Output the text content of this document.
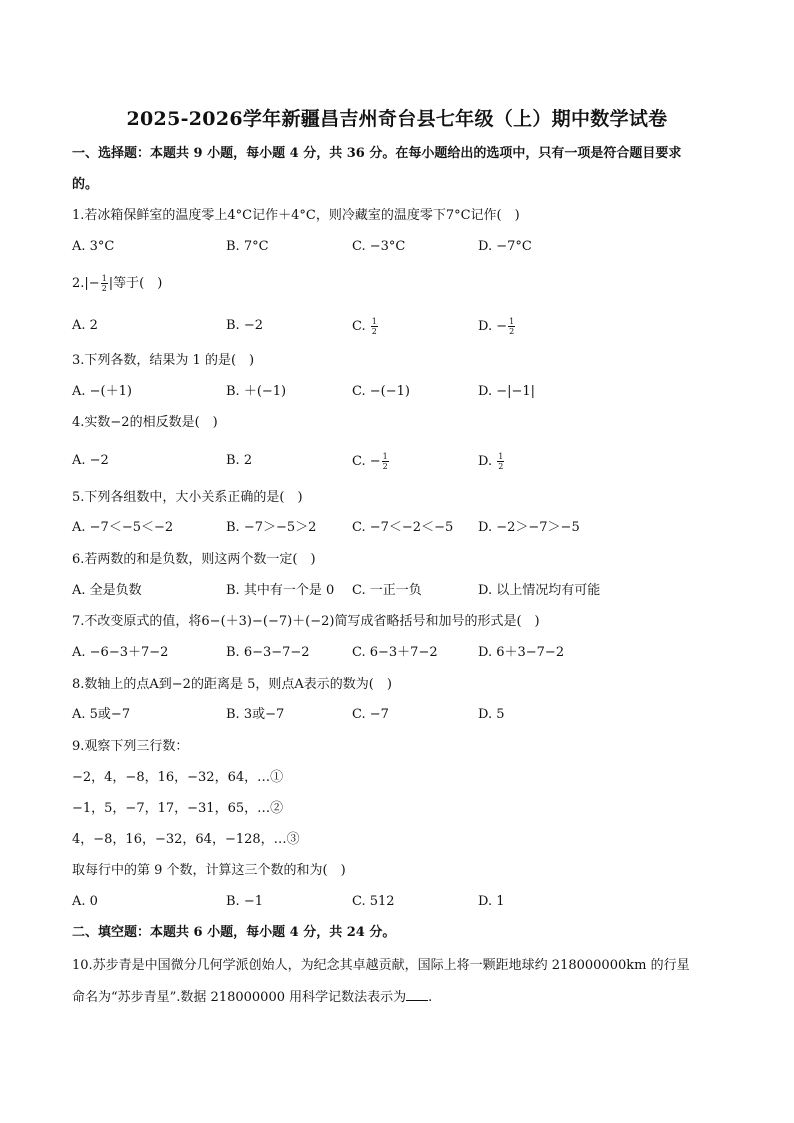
2025-2026学年新疆昌吉州奇台县七年级（上）期中数学试卷
一、选择题：本题共 9 小题，每小题 4 分，共 36 分。在每小题给出的选项中，只有一项是符合题目要求
的。
1.若冰箱保鲜室的温度零上4°C记作＋4°C，则冷藏室的温度零下7°C记作(　)
A. 3°C	B. 7°C	C. −3°C	D. −7°C
$2.|- \frac{1}{2}$ |等于(　)
A. 2	B. −2	C. $\frac{1}{2}$	D. − $\frac{1}{2}$
3.下列各数，结果为 1 的是(　)
A. −(＋1)	B. ＋(−1)	C. −(−1)	D. −|−1|
4.实数−2的相反数是(　)
A. −2	B. 2	C. − $\frac{1}{2}$	D. $\frac{1}{2}$
5.下列各组数中，大小关系正确的是(　)
A. −7＜−5＜−2	B. −7＞−5＞2	C. −7＜−2＜−5 D. −2＞−7＞−5
6.若两数的和是负数，则这两个数一定(　)
A. 全是负数	B. 其中有一个是 0 C. 一正一负	D. 以上情况均有可能
7.不改变原式的值，将6−(＋3)−(−7)＋(−2)简写成省略括号和加号的形式是(　)
A. −6−3＋7−2	B. 6−3−7−2	C. 6−3＋7−2	D. 6＋3−7−2
8.数轴上的点A到−2的距离是 5，则点A表示的数为(　)
A. 5或−7	B. 3或−7	C. −7	D. 5
9.观察下列三行数：
−2，4，−8，16，−32，64，…①
−1，5，−7，17，−31，65，…②
4，−8，16，−32，64，−128，…③
取每行中的第 9 个数，计算这三个数的和为(　)
A. 0	B. −1	C. 512	D. 1
二、填空题：本题共 6 小题，每小题 4 分，共 24 分。
10.苏步青是中国微分几何学派创始人，为纪念其卓越贡献，国际上将一颗距地球约 218000000km 的行星
命名为“苏步青星”.数据 218000000 用科学记数法表示为 .
